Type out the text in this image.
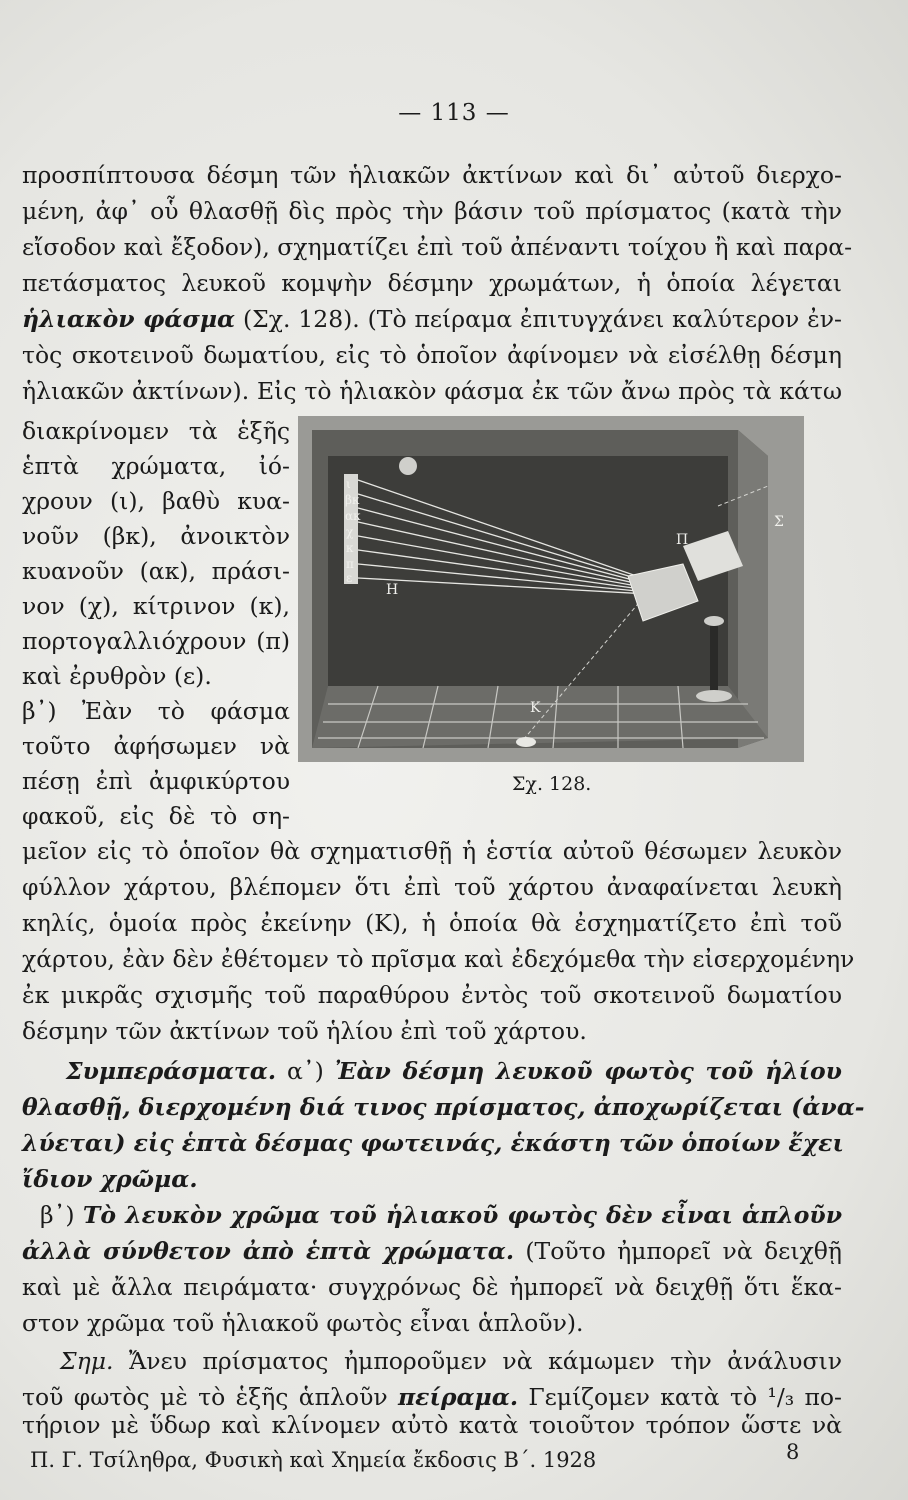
— 113 —
προσπίπτουσα δέσμη τῶν ἡλιακῶν ἀκτίνων καὶ δι᾽ αὐτοῦ διερχο-
μένη, ἀφ᾽ οὗ θλασθῇ δὶς πρὸς τὴν βάσιν τοῦ πρίσματος (κατὰ τὴν
εἴσοδον καὶ ἔξοδον), σχηματίζει ἐπὶ τοῦ ἀπέναντι τοίχου ἢ καὶ παρα-
πετάσματος λευκοῦ κομψὴν δέσμην χρωμάτων, ἡ ὁποία λέγεται
ἡλιακὸν φάσμα (Σχ. 128). (Τὸ πείραμα ἐπιτυγχάνει καλύτερον ἐν-
τὸς σκοτεινοῦ δωματίου, εἰς τὸ ὁποῖον ἀφίνομεν νὰ εἰσέλθῃ δέσμη
ἡλιακῶν ἀκτίνων). Εἰς τὸ ἡλιακὸν φάσμα ἐκ τῶν ἄνω πρὸς τὰ κάτω
διακρίνομεν τὰ ἑξῆς
ἑπτὰ χρώματα, ἰό-
χρουν (ι), βαθὺ κυα-
νοῦν (βκ), ἀνοικτὸν
κυανοῦν (ακ), πράσι-
νον (χ), κίτρινον (κ),
πορτογαλλιόχρουν (π)
καὶ ἐρυθρὸν (ε).
β᾽) Ἐὰν τὸ φάσμα
τοῦτο ἀφήσωμεν νὰ
πέσῃ ἐπὶ ἀμφικύρτου
φακοῦ, εἰς δὲ τὸ ση-
ι
βκ
ακ
χ
κ
π
ε
Η
Π
Σ
Κ
Σχ. 128.
μεῖον εἰς τὸ ὁποῖον θὰ σχηματισθῇ ἡ ἑστία αὐτοῦ θέσωμεν λευκὸν
φύλλον χάρτου, βλέπομεν ὅτι ἐπὶ τοῦ χάρτου ἀναφαίνεται λευκὴ
κηλίς, ὁμοία πρὸς ἐκείνην (Κ), ἡ ὁποία θὰ ἐσχηματίζετο ἐπὶ τοῦ
χάρτου, ἐὰν δὲν ἐθέτομεν τὸ πρῖσμα καὶ ἐδεχόμεθα τὴν εἰσερχομένην
ἐκ μικρᾶς σχισμῆς τοῦ παραθύρου ἐντὸς τοῦ σκοτεινοῦ δωματίου
δέσμην τῶν ἀκτίνων τοῦ ἡλίου ἐπὶ τοῦ χάρτου.
Συμπεράσματα. α᾽) Ἐὰν δέσμη λευκοῦ φωτὸς τοῦ ἡλίου
θλασθῇ, διερχομένη διά τινος πρίσματος, ἀποχωρίζεται (ἀνα-
λύεται) εἰς ἑπτὰ δέσμας φωτεινάς, ἑκάστη τῶν ὁποίων ἔχει
ἴδιον χρῶμα.
β᾽) Τὸ λευκὸν χρῶμα τοῦ ἡλιακοῦ φωτὸς δὲν εἶναι ἁπλοῦν
ἀλλὰ σύνθετον ἀπὸ ἑπτὰ χρώματα. (Τοῦτο ἠμπορεῖ νὰ δειχθῇ
καὶ μὲ ἄλλα πειράματα· συγχρόνως δὲ ἠμπορεῖ νὰ δειχθῇ ὅτι ἕκα-
στον χρῶμα τοῦ ἡλιακοῦ φωτὸς εἶναι ἁπλοῦν).
Σημ. Ἄνευ πρίσματος ἠμποροῦμεν νὰ κάμωμεν τὴν ἀνάλυσιν
τοῦ φωτὸς μὲ τὸ ἑξῆς ἁπλοῦν πείραμα. Γεμίζομεν κατὰ τὸ ¹/₃ πο-
τήριον μὲ ὕδωρ καὶ κλίνομεν αὐτὸ κατὰ τοιοῦτον τρόπον ὥστε νὰ
Π. Γ. Τσίληθρα, Φυσικὴ καὶ Χημεία ἔκδοσις Β΄. 1928	8
